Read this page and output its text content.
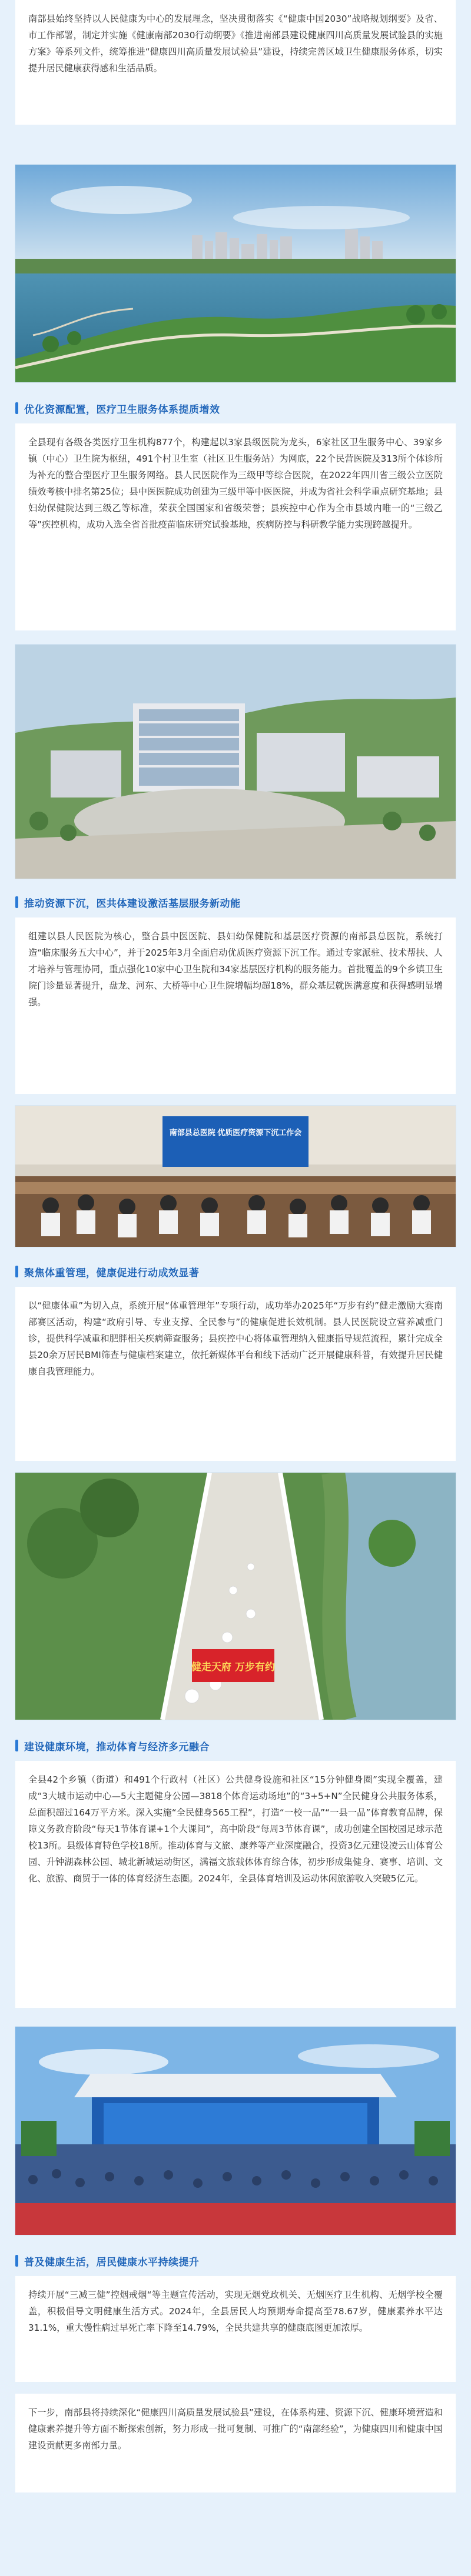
南部县始终坚持以人民健康为中心的发展理念，坚决贯彻落实《“健康中国2030”战略规划纲要》及省、市工作部署，制定并实施《健康南部2030行动纲要》《推进南部县建设健康四川高质量发展试验县的实施方案》等系列文件，统筹推进“健康四川高质量发展试验县”建设，持续完善区域卫生健康服务体系，切实提升居民健康获得感和生活品质。

优化资源配置，医疗卫生服务体系提质增效

全县现有各级各类医疗卫生机构877个，构建起以3家县级医院为龙头，6家社区卫生服务中心、39家乡镇（中心）卫生院为枢纽，491个村卫生室（社区卫生服务站）为网底，22个民营医院及313所个体诊所为补充的整合型医疗卫生服务网络。县人民医院作为三级甲等综合医院，在2022年四川省三级公立医院绩效考核中排名第25位；县中医医院成功创建为三级甲等中医医院，并成为省社会科学重点研究基地；县妇幼保健院达到三级乙等标准，荣获全国国家和省级荣誉；县疾控中心作为全市县域内唯一的“三级乙等”疾控机构，成功入选全省首批疫苗临床研究试验基地，疾病防控与科研教学能力实现跨越提升。

推动资源下沉，医共体建设激活基层服务新动能

组建以县人民医院为核心，整合县中医医院、县妇幼保健院和基层医疗资源的南部县总医院，系统打造“临床服务五大中心”，并于2025年3月全面启动优质医疗资源下沉工作。通过专家派驻、技术帮扶、人才培养与管理协同，重点强化10家中心卫生院和34家基层医疗机构的服务能力。首批覆盖的9个乡镇卫生院门诊量显著提升，盘龙、河东、大桥等中心卫生院增幅均超18%，群众基层就医满意度和获得感明显增强。

南部县总医院 优质医疗资源下沉工作会
聚焦体重管理，健康促进行动成效显著

以“健康体重”为切入点，系统开展“体重管理年”专项行动，成功举办2025年“万步有约”健走激励大赛南部赛区活动，构建“政府引导、专业支撑、全民参与”的健康促进长效机制。县人民医院设立营养减重门诊，提供科学减重和肥胖相关疾病筛查服务；县疾控中心将体重管理纳入健康指导规范流程，累计完成全县20余万居民BMI筛查与健康档案建立，依托新媒体平台和线下活动广泛开展健康科普，有效提升居民健康自我管理能力。

健走天府 万步有约
建设健康环境，推动体育与经济多元融合

全县42个乡镇（街道）和491个行政村（社区）公共健身设施和社区“15分钟健身圈”实现全覆盖，建成“3大城市运动中心—5大主题健身公园—3818个体育运动场地”的“3+5+N”全民健身公共服务体系，总面积超过164万平方米。深入实施“全民健身565工程”，打造“一校一品”“一县一品”体育教育品牌，保障义务教育阶段“每天1节体育课+1个大课间”，高中阶段“每周3节体育课”，成功创建全国校园足球示范校13所。县级体育特色学校18所。推动体育与文旅、康养等产业深度融合，投资3亿元建设凌云山体育公园、升钟湖森林公园、城北新城运动街区，满福文旅载体体育综合体，初步形成集健身、赛事、培训、文化、旅游、商贸于一体的体育经济生态圈。2024年，全县体育培训及运动休闲旅游收入突破5亿元。

普及健康生活，居民健康水平持续提升

持续开展“三减三健”控烟戒烟“等主题宣传活动，实现无烟党政机关、无烟医疗卫生机构、无烟学校全覆盖，积极倡导文明健康生活方式。2024年，全县居民人均预期寿命提高至78.67岁，健康素养水平达31.1%，重大慢性病过早死亡率下降至14.79%，全民共建共享的健康底图更加浓厚。

下一步，南部县将持续深化“健康四川高质量发展试验县”建设，在体系构建、资源下沉、健康环境营造和健康素养提升等方面不断探索创新，努力形成一批可复制、可推广的“南部经验”，为健康四川和健康中国建设贡献更多南部力量。
